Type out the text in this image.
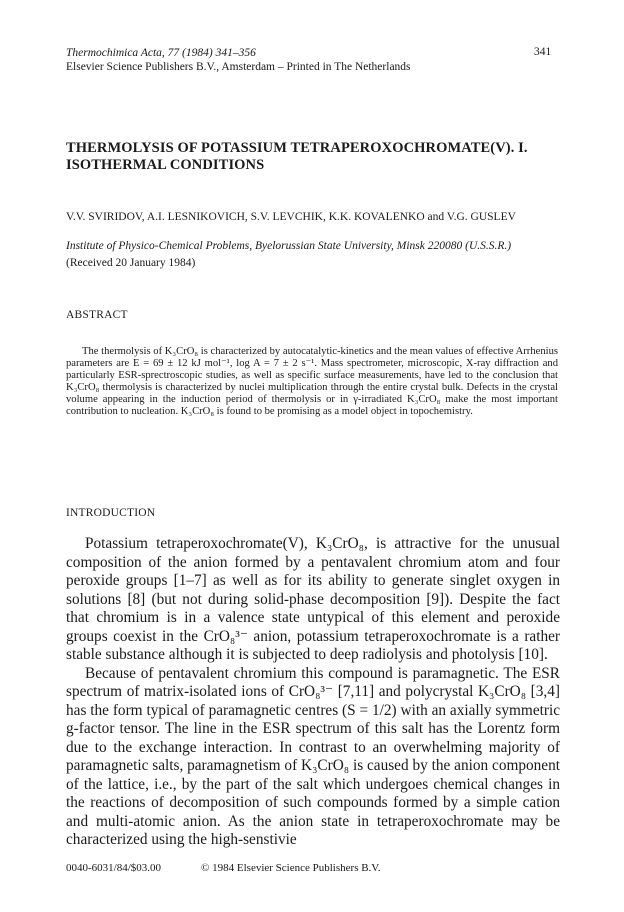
Thermochimica Acta, 77 (1984) 341–356
Elsevier Science Publishers B.V., Amsterdam – Printed in The Netherlands
341
THERMOLYSIS OF POTASSIUM TETRAPEROXOCHROMATE(V). I. ISOTHERMAL CONDITIONS
V.V. SVIRIDOV, A.I. LESNIKOVICH, S.V. LEVCHIK, K.K. KOVALENKO and V.G. GUSLEV
Institute of Physico-Chemical Problems, Byelorussian State University, Minsk 220080 (U.S.S.R.)
(Received 20 January 1984)
ABSTRACT
The thermolysis of K₃CrO₈ is characterized by autocatalytic-kinetics and the mean values of effective Arrhenius parameters are E = 69 ± 12 kJ mol⁻¹, log A = 7 ± 2 s⁻¹. Mass spectrometer, microscopic, X-ray diffraction and particularly ESR-sprectroscopic studies, as well as specific surface measurements, have led to the conclusion that K₃CrO₈ thermolysis is characterized by nuclei multiplication through the entire crystal bulk. Defects in the crystal volume appearing in the induction period of thermolysis or in γ-irradiated K₃CrO₈ make the most important contribution to nucleation. K₃CrO₈ is found to be promising as a model object in topochemistry.
INTRODUCTION

Potassium tetraperoxochromate(V), K₃CrO₈, is attractive for the unusual composition of the anion formed by a pentavalent chromium atom and four peroxide groups [1–7] as well as for its ability to generate singlet oxygen in solutions [8] (but not during solid-phase decomposition [9]). Despite the fact that chromium is in a valence state untypical of this element and peroxide groups coexist in the CrO₈³⁻ anion, potassium tetraperoxochromate is a rather stable substance although it is subjected to deep radiolysis and photolysis [10].

Because of pentavalent chromium this compound is paramagnetic. The ESR spectrum of matrix-isolated ions of CrO₈³⁻ [7,11] and polycrystal K₃CrO₈ [3,4] has the form typical of paramagnetic centres (S = 1/2) with an axially symmetric g-factor tensor. The line in the ESR spectrum of this salt has the Lorentz form due to the exchange interaction. In contrast to an overwhelming majority of paramagnetic salts, paramagnetism of K₃CrO₈ is caused by the anion component of the lattice, i.e., by the part of the salt which undergoes chemical changes in the reactions of decomposition of such compounds formed by a simple cation and multi-atomic anion. As the anion state in tetraperoxochromate may be characterized using the high-senstivie

0040-6031/84/$03.00	© 1984 Elsevier Science Publishers B.V.
